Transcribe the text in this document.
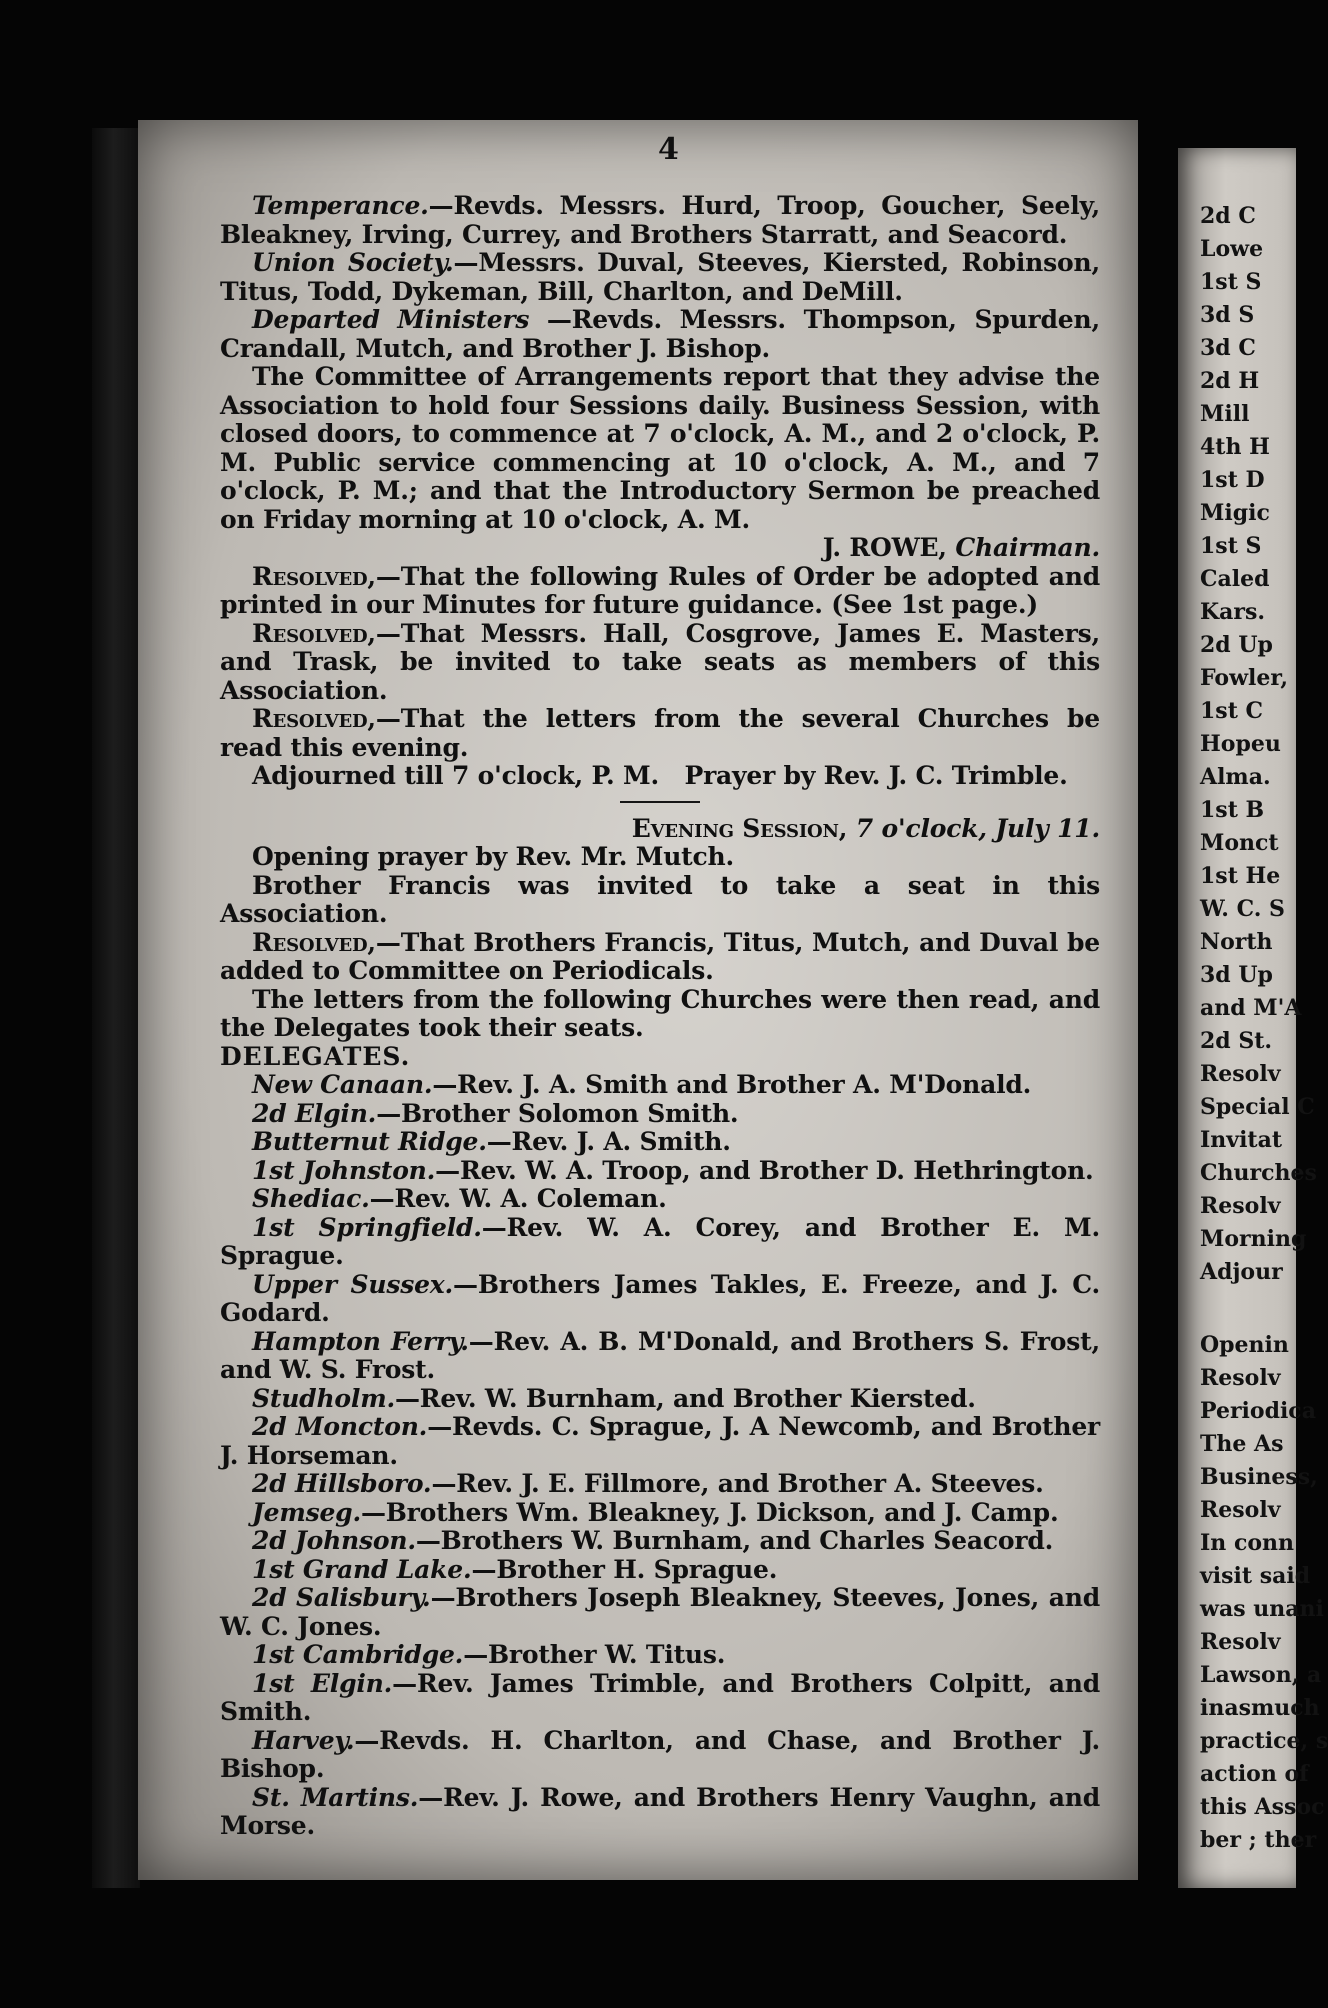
4

Temperance.—Revds. Messrs. Hurd, Troop, Goucher, Seely, Bleakney, Irving, Currey, and Brothers Starratt, and Seacord.

Union Society.—Messrs. Duval, Steeves, Kiersted, Robinson, Titus, Todd, Dykeman, Bill, Charlton, and DeMill.

Departed Ministers —Revds. Messrs. Thompson, Spurden, Crandall, Mutch, and Brother J. Bishop.

The Committee of Arrangements report that they advise the Association to hold four Sessions daily. Business Session, with closed doors, to commence at 7 o'clock, A. M., and 2 o'clock, P. M. Public service commencing at 10 o'clock, A. M., and 7 o'clock, P. M.; and that the Introductory Sermon be preached on Friday morning at 10 o'clock, A. M.

J. ROWE, Chairman.

Resolved,—That the following Rules of Order be adopted and printed in our Minutes for future guidance. (See 1st page.)

Resolved,—That Messrs. Hall, Cosgrove, James E. Masters, and Trask, be invited to take seats as members of this Association.

Resolved,—That the letters from the several Churches be read this evening.

Adjourned till 7 o'clock, P. M.   Prayer by Rev. J. C. Trimble.

Evening Session, 7 o'clock, July 11.

Opening prayer by Rev. Mr. Mutch.

Brother Francis was invited to take a seat in this Association.

Resolved,—That Brothers Francis, Titus, Mutch, and Duval be added to Committee on Periodicals.

The letters from the following Churches were then read, and the Delegates took their seats.

DELEGATES.

New Canaan.—Rev. J. A. Smith and Brother A. M'Donald.

2d Elgin.—Brother Solomon Smith.

Butternut Ridge.—Rev. J. A. Smith.

1st Johnston.—Rev. W. A. Troop, and Brother D. Hethrington.

Shediac.—Rev. W. A. Coleman.

1st Springfield.—Rev. W. A. Corey, and Brother E. M. Sprague.

Upper Sussex.—Brothers James Takles, E. Freeze, and J. C. Godard.

Hampton Ferry.—Rev. A. B. M'Donald, and Brothers S. Frost, and W. S. Frost.

Studholm.—Rev. W. Burnham, and Brother Kiersted.

2d Moncton.—Revds. C. Sprague, J. A Newcomb, and Brother J. Horseman.

2d Hillsboro.—Rev. J. E. Fillmore, and Brother A. Steeves.

Jemseg.—Brothers Wm. Bleakney, J. Dickson, and J. Camp.

2d Johnson.—Brothers W. Burnham, and Charles Seacord.

1st Grand Lake.—Brother H. Sprague.

2d Salisbury.—Brothers Joseph Bleakney, Steeves, Jones, and W. C. Jones.

1st Cambridge.—Brother W. Titus.

1st Elgin.—Rev. James Trimble, and Brothers Colpitt, and Smith.

Harvey.—Revds. H. Charlton, and Chase, and Brother J. Bishop.

St. Martins.—Rev. J. Rowe, and Brothers Henry Vaughn, and Morse.

2d C
Lowe
1st S
3d S
3d C
2d H
Mill
4th H
1st D
Migic
1st S
Caled
Kars.
2d Up
Fowler,
1st C
Hopeu
Alma.
1st B
Monct
1st He
W. C. S
North
3d Up
and M'A
2d St.
Resolv
Special C
Invitat
Churches
Resolv
Morning
Adjour
Openin
Resolv
Periodica
The As
Business,
Resolv
In conn
visit said
was unani
Resolv
Lawson, a
inasmuch
practice, s
action of
this Assoc
ber ; ther
